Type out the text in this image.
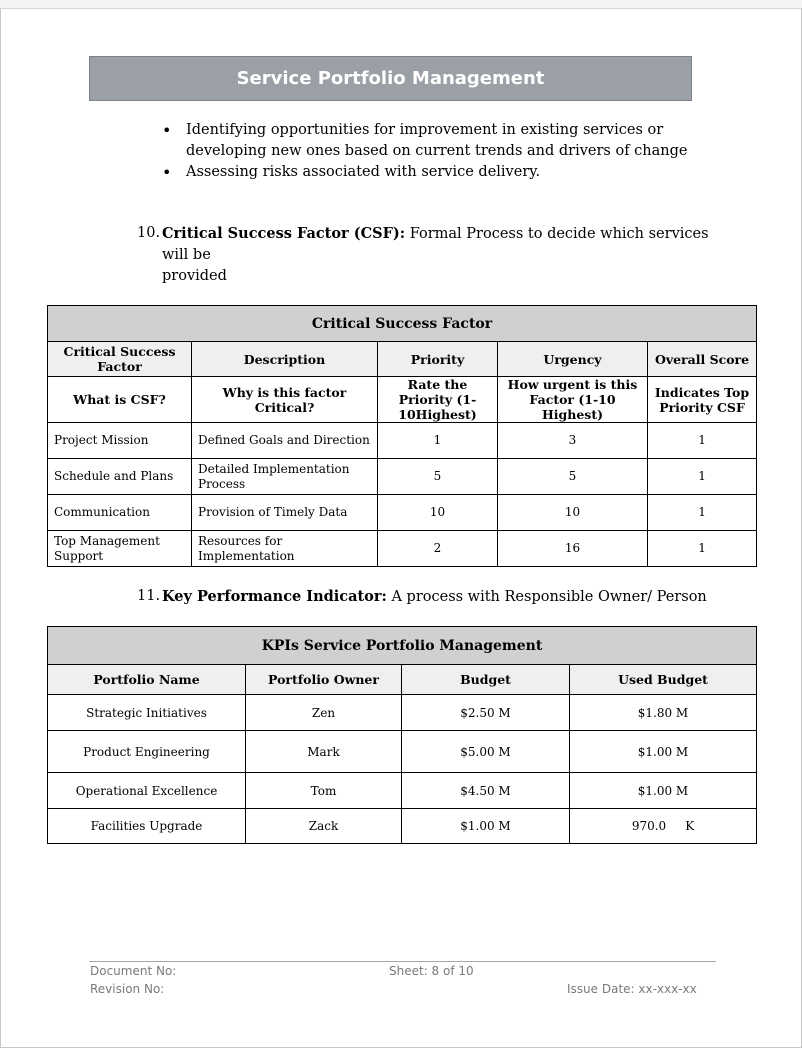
Service Portfolio Management
• Identifying opportunities for improvement in existing services or developing new ones based on current trends and drivers of change
• Assessing risks associated with service delivery.
10. Critical Success Factor (CSF): Formal Process to decide which services will be
provided
Critical Success Factor				
Critical Success Factor	Description	Priority	Urgency	Overall Score
What is CSF?	Why is this factor Critical?	Rate the Priority (1-10Highest)	How urgent is this Factor (1-10 Highest)	Indicates Top Priority CSF
Project Mission	Defined Goals and Direction	1	3	1
Schedule and Plans	Detailed Implementation Process	5	5	1
Communication	Provision of Timely Data	10	10	1
Top Management Support	Resources for Implementation	2	16	1
11. Key Performance Indicator: A process with Responsible Owner/ Person
KPIs Service Portfolio Management			
Portfolio Name	Portfolio Owner	Budget	Used Budget
Strategic Initiatives	Zen	$2.50 M	$1.80 M
Product Engineering	Mark	$5.00 M	$1.00 M
Operational Excellence	Tom	$4.50 M	$1.00 M
Facilities Upgrade	Zack	$1.00 M	970.0     K
Document No:	Sheet: 8 of 10
Revision No:	Issue Date: xx-xxx-xx
